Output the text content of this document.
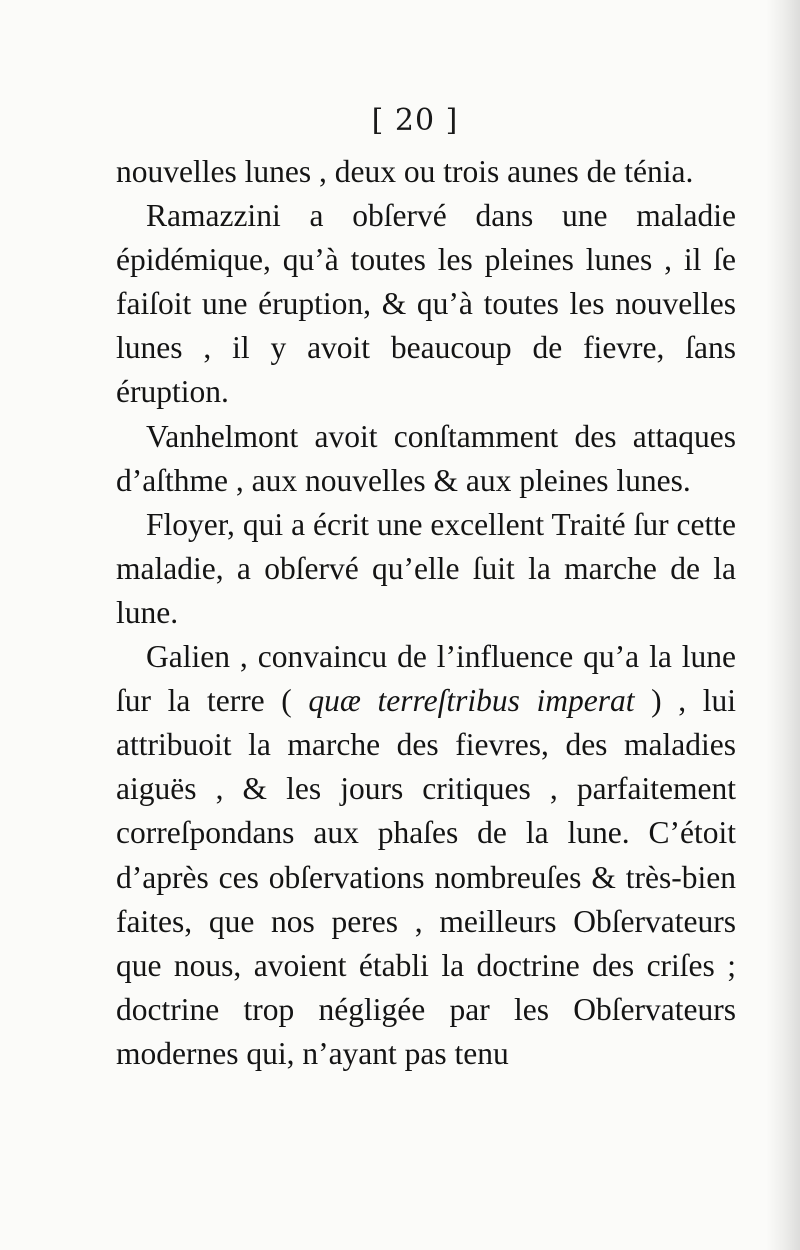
[ 20 ]

nouvelles lunes , deux ou trois aunes de ténia.

Ramazzini a obſervé dans une maladie épidémique, qu’à toutes les pleines lunes , il ſe faiſoit une éruption, & qu’à toutes les nouvelles lunes , il y avoit beaucoup de fievre, ſans éruption.

Vanhelmont avoit conſtamment des attaques d’aſthme , aux nouvelles & aux pleines lunes.

Floyer, qui a écrit une excellent Traité ſur cette maladie, a obſervé qu’elle ſuit la marche de la lune.

Galien , convaincu de l’influence qu’a la lune ſur la terre ( quæ terreſtribus imperat ) , lui attribuoit la marche des fievres, des maladies aiguës , & les jours critiques , parfaitement correſpondans aux phaſes de la lune. C’étoit d’après ces obſervations nombreuſes & très-bien faites, que nos peres , meilleurs Obſervateurs que nous, avoient établi la doctrine des criſes ; doctrine trop négligée par les Obſervateurs modernes qui, n’ayant pas tenu
